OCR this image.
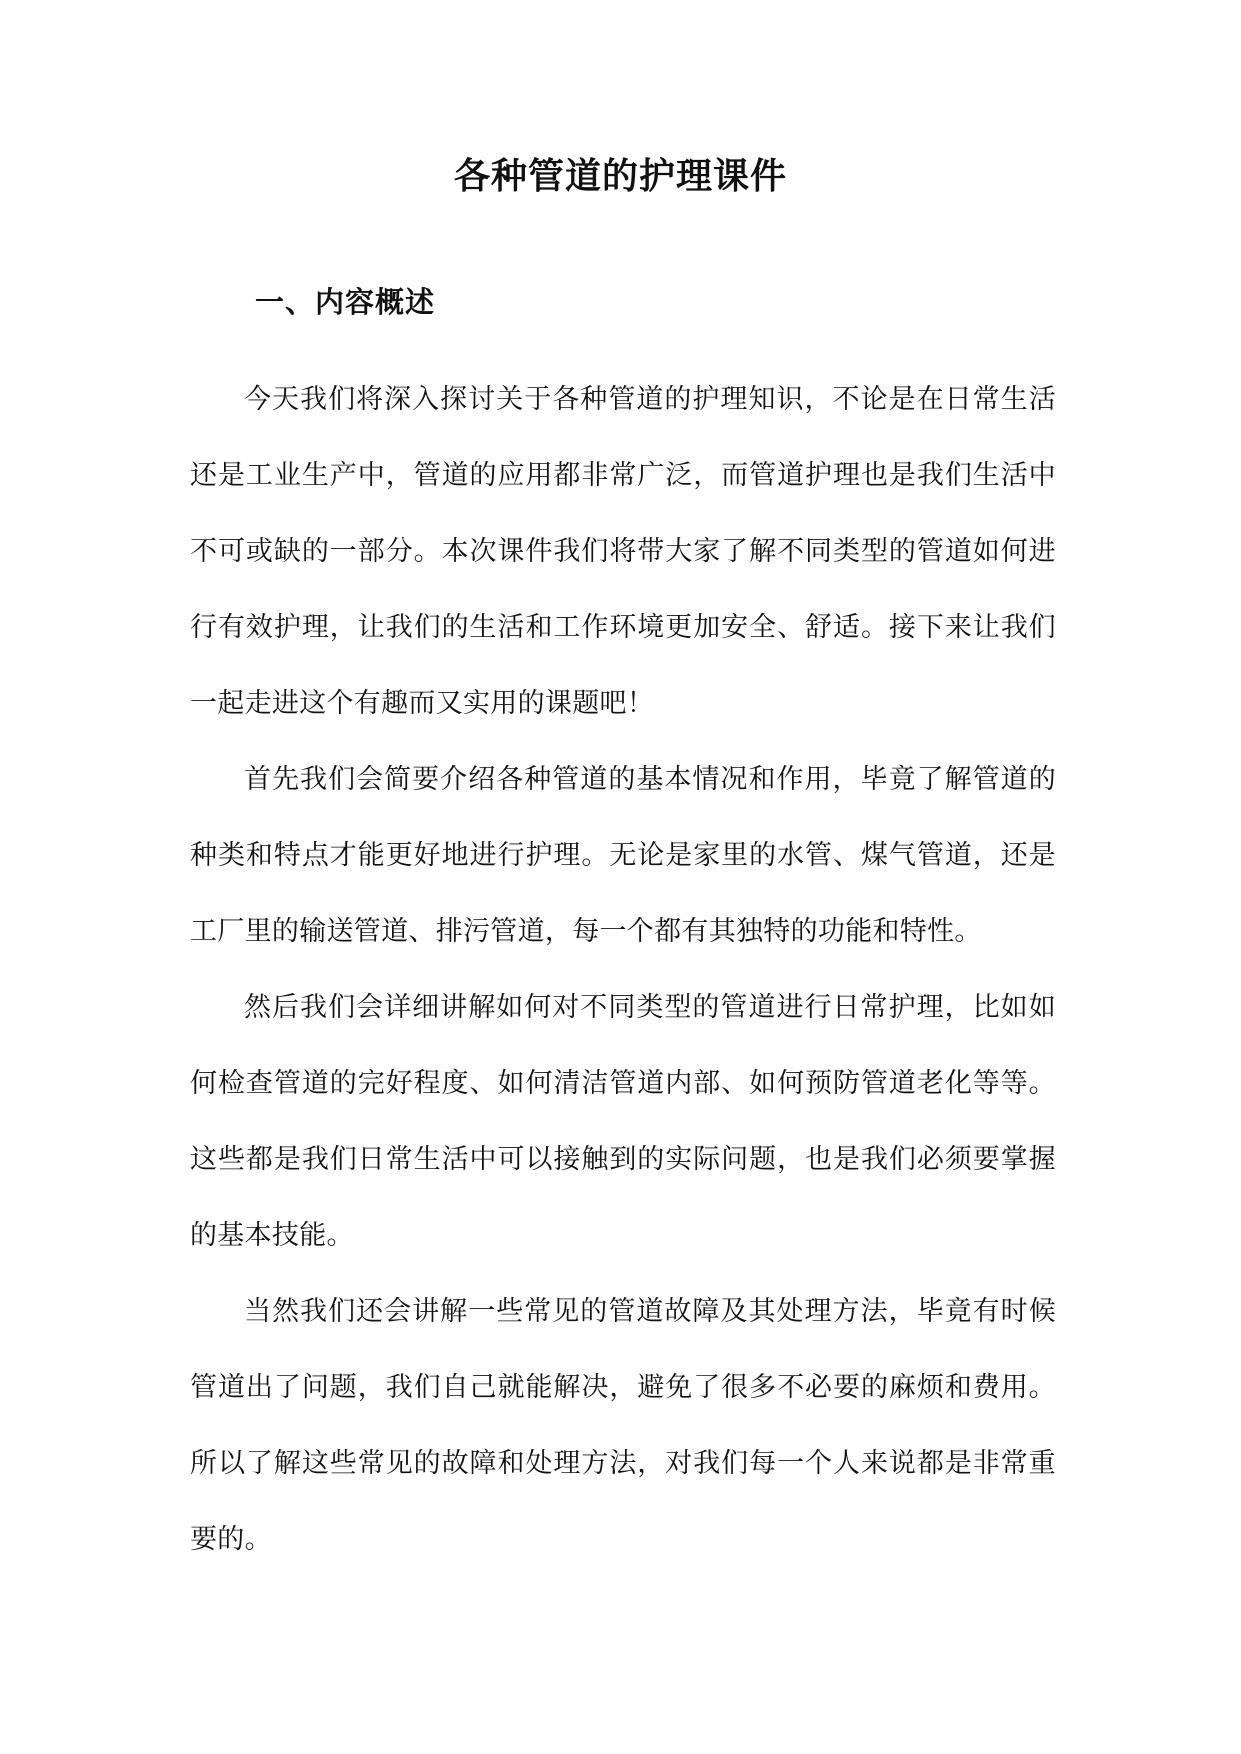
各种管道的护理课件
一、内容概述

今天我们将深入探讨关于各种管道的护理知识，不论是在日常生活还是工业生产中，管道的应用都非常广泛，而管道护理也是我们生活中不可或缺的一部分。本次课件我们将带大家了解不同类型的管道如何进行有效护理，让我们的生活和工作环境更加安全、舒适。接下来让我们一起走进这个有趣而又实用的课题吧！

首先我们会简要介绍各种管道的基本情况和作用，毕竟了解管道的种类和特点才能更好地进行护理。无论是家里的水管、煤气管道，还是工厂里的输送管道、排污管道，每一个都有其独特的功能和特性。

然后我们会详细讲解如何对不同类型的管道进行日常护理，比如如何检查管道的完好程度、如何清洁管道内部、如何预防管道老化等等。这些都是我们日常生活中可以接触到的实际问题，也是我们必须要掌握的基本技能。

当然我们还会讲解一些常见的管道故障及其处理方法，毕竟有时候管道出了问题，我们自己就能解决，避免了很多不必要的麻烦和费用。所以了解这些常见的故障和处理方法，对我们每一个人来说都是非常重要的。
